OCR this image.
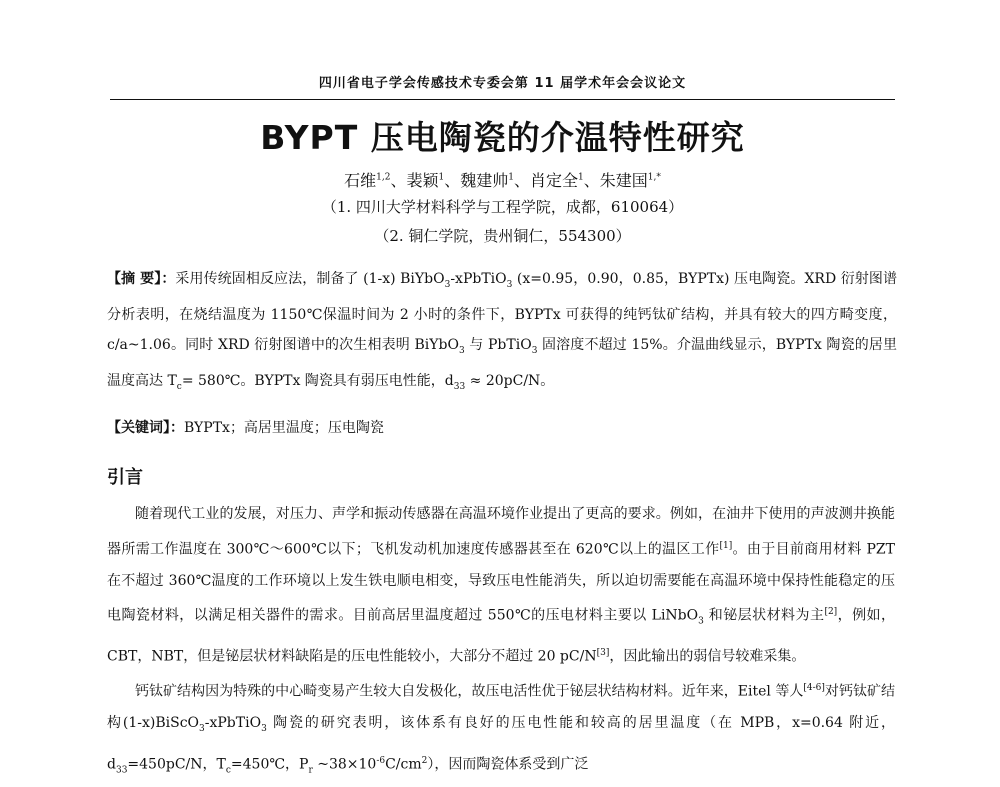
四川省电子学会传感技术专委会第 11 届学术年会会议论文
BYPT 压电陶瓷的介温特性研究
石维$^{1,2}$、裴颖$^1$、魏建帅$^1$、肖定全$^1$、朱建国$^{1,*}$
（1. 四川大学材料科学与工程学院，成都，610064）
（2. 铜仁学院，贵州铜仁，554300）
【摘 要】：采用传统固相反应法，制备了 (1-x) BiYbO$_3$-xPbTiO$_3$ (x=0.95，0.90，0.85，BYPTx) 压电陶瓷。XRD 衍射图谱分析表明，在烧结温度为 1150℃保温时间为 2 小时的条件下，BYPTx 可获得的纯钙钛矿结构，并具有较大的四方畸变度，c/a~1.06。同时 XRD 衍射图谱中的次生相表明 BiYbO$_3$ 与 PbTiO$_3$ 固溶度不超过 15%。介温曲线显示，BYPTx 陶瓷的居里温度高达 $T_c=$ 580℃。BYPTx 陶瓷具有弱压电性能，$d_{33} \approx 20pC/N$。
【关键词】：BYPTx；高居里温度；压电陶瓷
引言

随着现代工业的发展，对压力、声学和振动传感器在高温环境作业提出了更高的要求。例如，在油井下使用的声波测井换能器所需工作温度在 300℃～600℃以下；飞机发动机加速度传感器甚至在 620℃以上的温区工作[1]。由于目前商用材料 PZT 在不超过 360℃温度的工作环境以上发生铁电顺电相变，导致压电性能消失，所以迫切需要能在高温环境中保持性能稳定的压电陶瓷材料，以满足相关器件的需求。目前高居里温度超过 550℃的压电材料主要以 LiNbO$_3$ 和铋层状材料为主[2]，例如，CBT，NBT，但是铋层状材料缺陷是的压电性能较小，大部分不超过 20 pC/N[3]，因此输出的弱信号较难采集。

钙钛矿结构因为特殊的中心畸变易产生较大自发极化，故压电活性优于铋层状结构材料。近年来，Eitel 等人[4-6]对钙钛矿结构(1-x)BiScO$_3$-xPbTiO$_3$ 陶瓷的研究表明，该体系有良好的压电性能和较高的居里温度（在 MPB，x=0.64 附近，$d_{33}=450pC/N$，$T_c=450℃$，$P_r$ $\sim 38\times 10^{-6}C/cm^2$），因而陶瓷体系受到广泛
